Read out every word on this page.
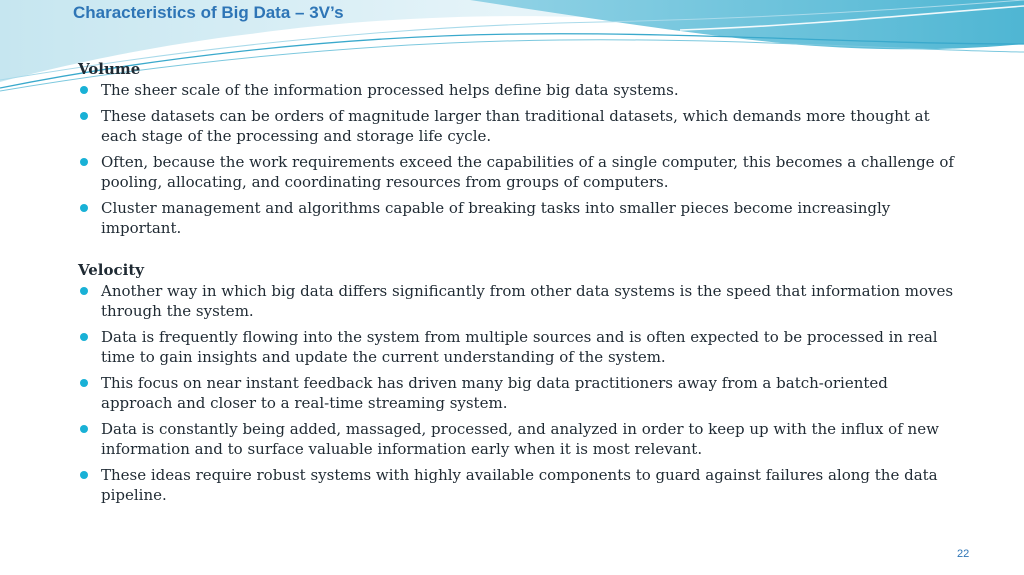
Characteristics of Big Data – 3V’s

Volume

The sheer scale of the information processed helps define big data systems.
These datasets can be orders of magnitude larger than traditional datasets, which demands more thought at each stage of the processing and storage life cycle.
Often, because the work requirements exceed the capabilities of a single computer, this becomes a challenge of pooling, allocating, and coordinating resources from groups of computers.
Cluster management and algorithms capable of breaking tasks into smaller pieces become increasingly important.

Velocity

Another way in which big data differs significantly from other data systems is the speed that information moves through the system.
Data is frequently flowing into the system from multiple sources and is often expected to be processed in real time to gain insights and update the current understanding of the system.
This focus on near instant feedback has driven many big data practitioners away from a batch-oriented approach and closer to a real-time streaming system.
Data is constantly being added, massaged, processed, and analyzed in order to keep up with the influx of new information and to surface valuable information early when it is most relevant.
These ideas require robust systems with highly available components to guard against failures along the data pipeline.
22
